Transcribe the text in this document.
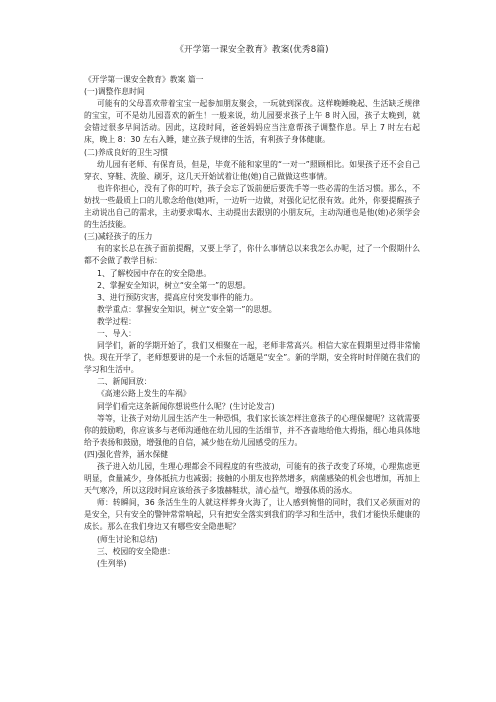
《开学第一课安全教育》教案(优秀8篇)

《开学第一课安全教育》教案 篇一

(一)调整作息时间

可能有的父母喜欢带着宝宝一起参加朋友聚会，一玩就到深夜。这样晚睡晚起、生活缺乏规律的宝宝，可不是幼儿园喜欢的新生！一般来说，幼儿园要求孩子上午 8 时入园，孩子太晚到，就会错过很多早间活动。因此，这段时间，爸爸妈妈应当注意帮孩子调整作息。早上 7 时左右起床，晚上 8：30 左右入睡，建立孩子规律的生活，有利孩子身体健康。

(二)养成良好的卫生习惯

幼儿园有老师、有保育员，但是，毕竟不能和家里的“一对一”照顾相比。如果孩子还不会自己穿衣、穿鞋、洗脸、刷牙，这几天开始试着让他(她)自己做做这些事情。

也许你担心，没有了你的叮咛，孩子会忘了饭前便后要洗手等一些必需的生活习惯。那么，不妨找一些最质上口的儿歌念给他(她)听，一边听一边做，对强化记忆很有效。此外，你要提醒孩子主动说出自己的需求，主动要求喝水、主动提出去跟别的小朋友玩，主动沟通也是他(她)必须学会的生活技能。

(三)减轻孩子的压力

有的家长总在孩子面前提醒，又要上学了，你什么事情总以来我怎么办呢，过了一个假期什么都不会做了教学目标：

1、了解校园中存在的安全隐患。

2、掌握安全知识，树立“安全第一”的思想。

3、进行预防灾害，提高应付突发事件的能力。

教学重点：掌握安全知识，树立“安全第一”的思想。

教学过程：

一、导入：

同学们，新的学期开始了，我们又相聚在一起，老师非常高兴。相信大家在假期里过得非常愉快。现在开学了，老师想要讲的是一个永恒的话题是“安全”。新的学期，安全将时时伴随在我们的学习和生活中。

二、新闻回放：

《高速公路上发生的车祸》

同学们看完这条新闻你想说些什么呢？(生讨论发言)

等等，让孩子对幼儿园生活产生一种恐惧，我们家长该怎样注意孩子的心理保健呢？这就需要你的鼓励哟，你应该多与老师沟通他在幼儿园的生活细节，并不吝啬地给他大拇指，细心地具体地给予表扬和鼓励，增强他的自信，减少他在幼儿园感受的压力。

(四)强化营养，涵水保健

孩子进入幼儿园，生理心理都会不同程度的有些波动，可能有的孩子改变了环境，心理焦虑更明显，食量减少，身体抵抗力也减弱；接触的小朋友也猝然增多，病菌感染的机会也增加，再加上天气寒冷，所以这段时间应该给孩子多饿赫鞋状，清心益气，增强体质的汤水。

师：转瞬间，36 条活生生的人就这样葬身火海了，让人感到惋惜的同时，我们又必须面对的是安全，只有安全的警钟常常响起，只有把安全落实到我们的学习和生活中，我们才能快乐健康的成长。那么在我们身边又有哪些安全隐患呢？

(师生讨论和总结)

三、校园的安全隐患：

(生列举)
